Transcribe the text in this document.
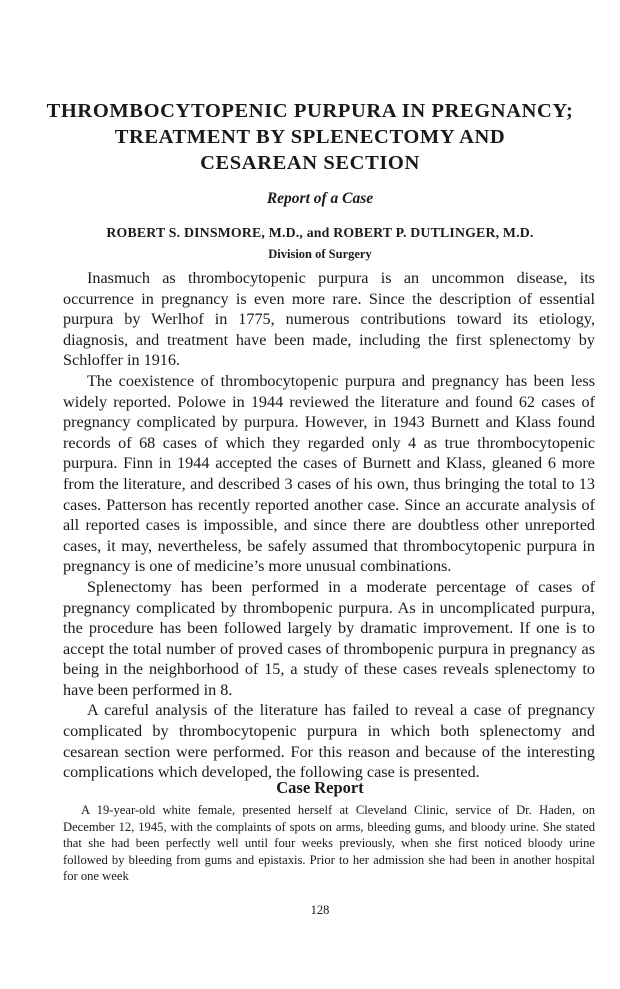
THROMBOCYTOPENIC PURPURA IN PREGNANCY;
TREATMENT BY SPLENECTOMY AND
CESAREAN SECTION
Report of a Case
ROBERT S. DINSMORE, M.D., and ROBERT P. DUTLINGER, M.D.
Division of Surgery

Inasmuch as thrombocytopenic purpura is an uncommon disease, its occurrence in pregnancy is even more rare. Since the description of essential purpura by Werlhof in 1775, numerous contributions toward its etiology, diagnosis, and treatment have been made, including the first splenectomy by Schloffer in 1916.

The coexistence of thrombocytopenic purpura and pregnancy has been less widely reported. Polowe in 1944 reviewed the literature and found 62 cases of pregnancy complicated by purpura. However, in 1943 Burnett and Klass found records of 68 cases of which they regarded only 4 as true thrombocytopenic purpura. Finn in 1944 accepted the cases of Burnett and Klass, gleaned 6 more from the literature, and described 3 cases of his own, thus bringing the total to 13 cases. Patterson has recently reported another case. Since an accurate analysis of all reported cases is impossible, and since there are doubtless other unreported cases, it may, nevertheless, be safely assumed that thrombocytopenic purpura in pregnancy is one of medicine’s more unusual combinations.

Splenectomy has been performed in a moderate percentage of cases of pregnancy complicated by thrombopenic purpura. As in uncomplicated purpura, the procedure has been followed largely by dramatic improvement. If one is to accept the total number of proved cases of thrombopenic purpura in pregnancy as being in the neighborhood of 15, a study of these cases reveals splenectomy to have been performed in 8.

A careful analysis of the literature has failed to reveal a case of pregnancy complicated by thrombocytopenic purpura in which both splenectomy and cesarean section were performed. For this reason and because of the interesting complications which developed, the following case is presented.

Case Report

A 19-year-old white female, presented herself at Cleveland Clinic, service of Dr. Haden, on December 12, 1945, with the complaints of spots on arms, bleeding gums, and bloody urine. She stated that she had been perfectly well until four weeks previously, when she first noticed bloody urine followed by bleeding from gums and epistaxis. Prior to her admission she had been in another hospital for one week

128
